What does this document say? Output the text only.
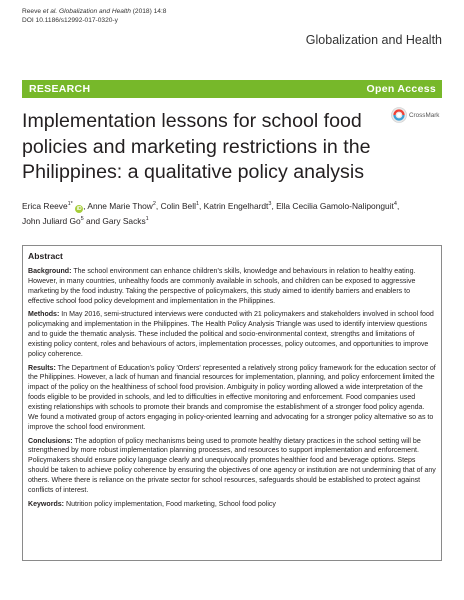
Reeve et al. Globalization and Health (2018) 14:8
DOI 10.1186/s12992-017-0320-y
Globalization and Health
RESEARCH	Open Access
Implementation lessons for school food policies and marketing restrictions in the Philippines: a qualitative policy analysis
CrossMark
Erica Reeve$^{1*}$ iD , Anne Marie Thow$^2$, Colin Bell$^1$, Katrin Engelhardt$^3$, Ella Cecilia Gamolo-Naliponguit$^4$,
John Juliard Go$^5$ and Gary Sacks$^1$
Abstract

Background: The school environment can enhance children's skills, knowledge and behaviours in relation to healthy eating. However, in many countries, unhealthy foods are commonly available in schools, and children can be exposed to aggressive marketing by the food industry. Taking the perspective of policymakers, this study aimed to identify barriers and enablers to effective school food policy development and implementation in the Philippines.

Methods: In May 2016, semi-structured interviews were conducted with 21 policymakers and stakeholders involved in school food policymaking and implementation in the Philippines. The Health Policy Analysis Triangle was used to identify interview questions and to guide the thematic analysis. These included the political and socio-environmental context, strengths and limitations of existing policy content, roles and behaviours of actors, implementation processes, policy outcomes, and opportunities to improve policy coherence.

Results: The Department of Education's policy 'Orders' represented a relatively strong policy framework for the education sector of the Philippines. However, a lack of human and financial resources for implementation, planning, and policy enforcement limited the impact of the policy on the healthiness of school food provision. Ambiguity in policy wording allowed a wide interpretation of the foods eligible to be provided in schools, and led to difficulties in effective monitoring and enforcement. Food companies used existing relationships with schools to promote their brands and compromise the establishment of a stronger food policy agenda. We found a motivated group of actors engaging in policy-oriented learning and advocating for a stronger policy alternative so as to improve the school food environment.

Conclusions: The adoption of policy mechanisms being used to promote healthy dietary practices in the school setting will be strengthened by more robust implementation planning processes, and resources to support implementation and enforcement. Policymakers should ensure policy language clearly and unequivocally promotes healthier food and beverage options. Steps should be taken to achieve policy coherence by ensuring the objectives of one agency or institution are not undermining that of any others. Where there is reliance on the private sector for school resources, safeguards should be established to protect against conflicts of interest.

Keywords: Nutrition policy implementation, Food marketing, School food policy
